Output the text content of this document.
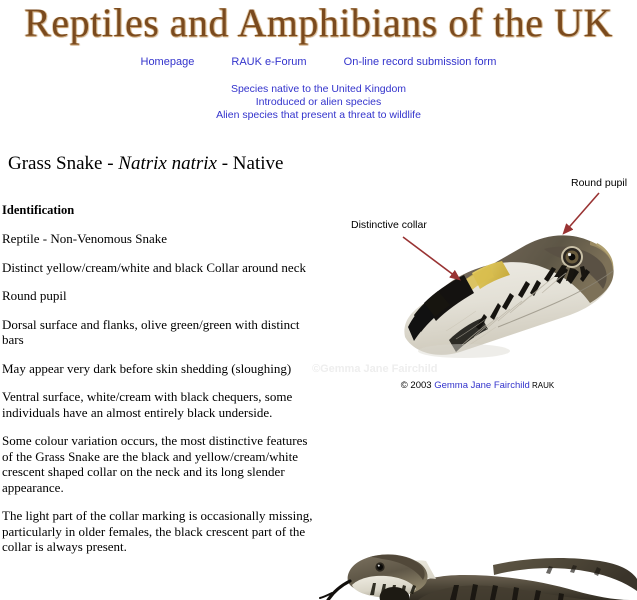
Reptiles and Amphibians of the UK
Homepage	RAUK e-Forum	On-line record submission form
Species native to the United Kingdom
Introduced or alien species
Alien species that present a threat to wildlife
Grass Snake - Natrix natrix - Native
Identification

Reptile - Non-Venomous Snake

Distinct yellow/cream/white and black Collar around neck

Round pupil

Dorsal surface and flanks, olive green/green with distinct bars

May appear very dark before skin shedding (sloughing)

Ventral surface, white/cream with black chequers, some individuals have an almost entirely black underside.

Some colour variation occurs, the most distinctive features of the Grass Snake are the black and yellow/cream/white crescent shaped collar on the neck and its long slender appearance.

The light part of the collar marking is occasionally missing, particularly in older females, the black crescent part of the collar is always present.

Distinctive collar
Round pupil
©Gemma Jane Fairchild
© 2003 Gemma Jane Fairchild RAUK
